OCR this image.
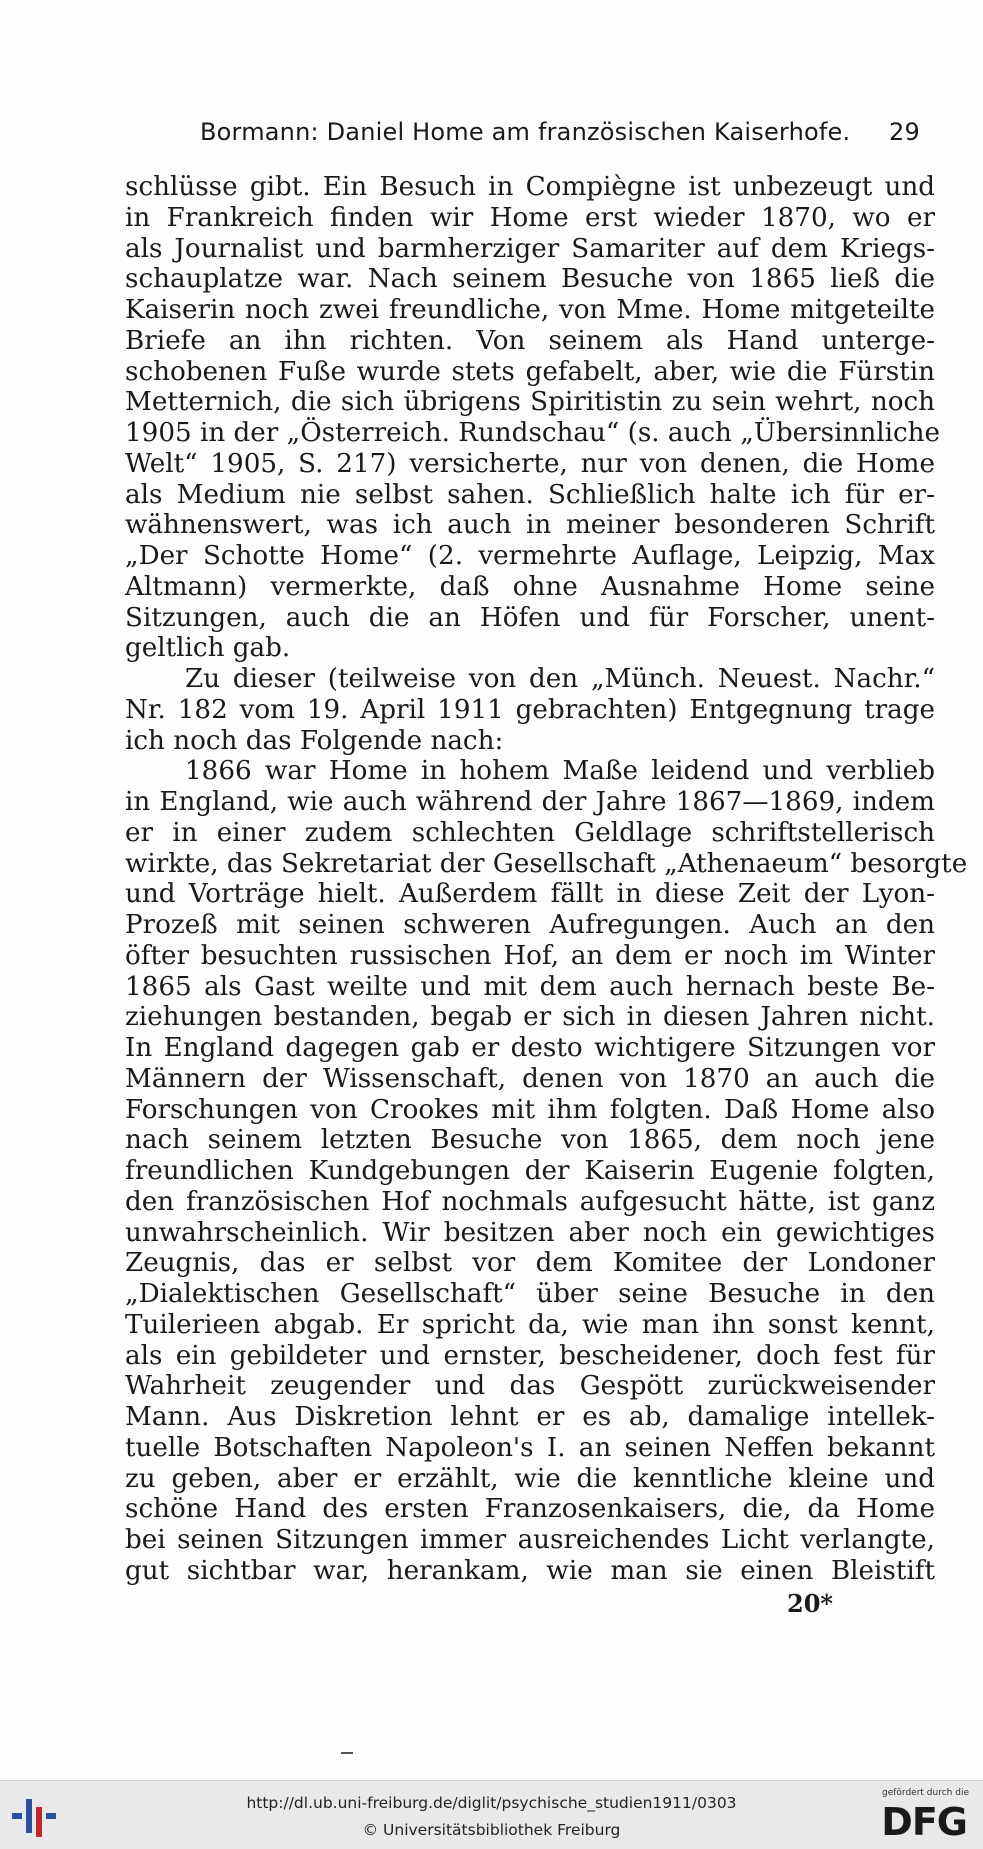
Bormann: Daniel Home am französischen Kaiserhofe. 29
schlüsse gibt. Ein Besuch in Compiègne ist unbezeugt und
in Frankreich finden wir Home erst wieder 1870, wo er
als Journalist und barmherziger Samariter auf dem Kriegs-
schauplatze war. Nach seinem Besuche von 1865 ließ die
Kaiserin noch zwei freundliche, von Mme. Home mitgeteilte
Briefe an ihn richten. Von seinem als Hand unterge-
schobenen Fuße wurde stets gefabelt, aber, wie die Fürstin
Metternich, die sich übrigens Spiritistin zu sein wehrt, noch
1905 in der „Österreich. Rundschau“ (s. auch „Übersinnliche
Welt“ 1905, S. 217) versicherte, nur von denen, die Home
als Medium nie selbst sahen. Schließlich halte ich für er-
wähnenswert, was ich auch in meiner besonderen Schrift
„Der Schotte Home“ (2. vermehrte Auflage, Leipzig, Max
Altmann) vermerkte, daß ohne Ausnahme Home seine
Sitzungen, auch die an Höfen und für Forscher, unent-
geltlich gab.
Zu dieser (teilweise von den „Münch. Neuest. Nachr.“
Nr. 182 vom 19. April 1911 gebrachten) Entgegnung trage
ich noch das Folgende nach:
1866 war Home in hohem Maße leidend und verblieb
in England, wie auch während der Jahre 1867—1869, indem
er in einer zudem schlechten Geldlage schriftstellerisch
wirkte, das Sekretariat der Gesellschaft „Athenaeum“ besorgte
und Vorträge hielt. Außerdem fällt in diese Zeit der Lyon-
Prozeß mit seinen schweren Aufregungen. Auch an den
öfter besuchten russischen Hof, an dem er noch im Winter
1865 als Gast weilte und mit dem auch hernach beste Be-
ziehungen bestanden, begab er sich in diesen Jahren nicht.
In England dagegen gab er desto wichtigere Sitzungen vor
Männern der Wissenschaft, denen von 1870 an auch die
Forschungen von Crookes mit ihm folgten. Daß Home also
nach seinem letzten Besuche von 1865, dem noch jene
freundlichen Kundgebungen der Kaiserin Eugenie folgten,
den französischen Hof nochmals aufgesucht hätte, ist ganz
unwahrscheinlich. Wir besitzen aber noch ein gewichtiges
Zeugnis, das er selbst vor dem Komitee der Londoner
„Dialektischen Gesellschaft“ über seine Besuche in den
Tuilerieen abgab. Er spricht da, wie man ihn sonst kennt,
als ein gebildeter und ernster, bescheidener, doch fest für
Wahrheit zeugender und das Gespött zurückweisender
Mann. Aus Diskretion lehnt er es ab, damalige intellek-
tuelle Botschaften Napoleon's I. an seinen Neffen bekannt
zu geben, aber er erzählt, wie die kenntliche kleine und
schöne Hand des ersten Franzosenkaisers, die, da Home
bei seinen Sitzungen immer ausreichendes Licht verlangte,
gut sichtbar war, herankam, wie man sie einen Bleistift
20*
http://dl.ub.uni-freiburg.de/diglit/psychische_studien1911/0303
© Universitätsbibliothek Freiburg
gefördert durch die
DFG
